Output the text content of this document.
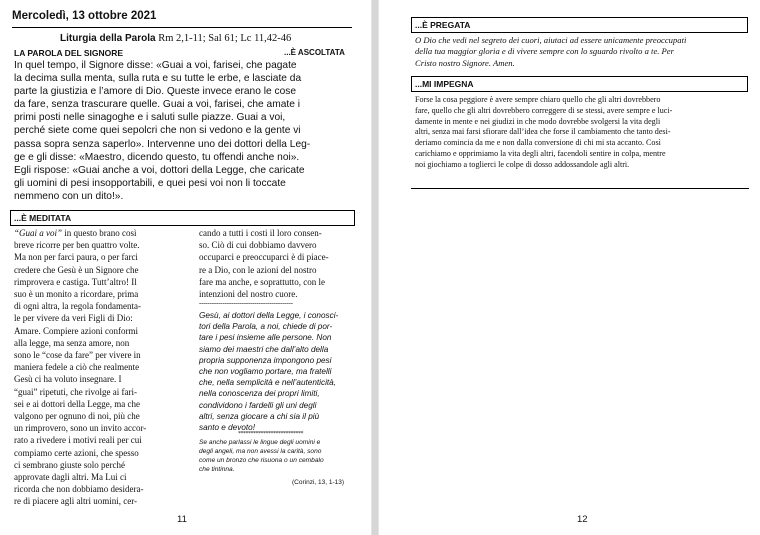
Mercoledì, 13 ottobre 2021
Liturgia della Parola Rm 2,1-11; Sal 61; Lc 11,42-46
LA PAROLA DEL SIGNORE	...È ASCOLTATA
In quel tempo, il Signore disse: «Guai a voi, farisei, che pagate
la decima sulla menta, sulla ruta e su tutte le erbe, e lasciate da
parte la giustizia e l’amore di Dio. Queste invece erano le cose
da fare, senza trascurare quelle. Guai a voi, farisei, che amate i
primi posti nelle sinagoghe e i saluti sulle piazze. Guai a voi,
perché siete come quei sepolcri che non si vedono e la gente vi
passa sopra senza saperlo». Intervenne uno dei dottori della Leg-
ge e gli disse: «Maestro, dicendo questo, tu offendi anche noi».
Egli rispose: «Guai anche a voi, dottori della Legge, che caricate
gli uomini di pesi insopportabili, e quei pesi voi non li toccate
nemmeno con un dito!».
...È MEDITATA
“Guai a voi” in questo brano così
breve ricorre per ben quattro volte.
Ma non per farci paura, o per farci
credere che Gesù è un Signore che
rimprovera e castiga. Tutt’altro! Il
suo è un monito a ricordare, prima
di ogni altra, la regola fondamenta-
le per vivere da veri Figli di Dio:
Amare. Compiere azioni conformi
alla legge, ma senza amore, non
sono le “cose da fare” per vivere in
maniera fedele a ciò che realmente
Gesù ci ha voluto insegnare. I
“guai” ripetuti, che rivolge ai fari-
sei e ai dottori della Legge, ma che
valgono per ognuno di noi, più che
un rimprovero, sono un invito accor-
rato a rivedere i motivi reali per cui
compiamo certe azioni, che spesso
ci sembrano giuste solo perché
approvate dagli altri. Ma Lui ci
ricorda che non dobbiamo desidera-
re di piacere agli altri uomini, cer-
cando a tutti i costi il loro consen-
so. Ciò di cui dobbiamo davvero
occuparci e preoccuparci è di piace-
re a Dio, con le azioni del nostro
fare ma anche, e soprattutto, con le
intenzioni del nostro cuore.
--------------------------------------------
Gesù, ai dottori della Legge, i conosci-
tori della Parola, a noi, chiede di por-
tare i pesi insieme alle persone. Non
siamo dei maestri che dall’alto della
propria supponenza impongono pesi
che non vogliamo portare, ma fratelli
che, nella semplicità e nell’autenticità,
nella conoscenza dei propri limiti,
condividono i fardelli gli uni degli
altri, senza giocare a chi sia il più
santo e devoto!
**************************
Se anche parlassi le lingue degli uomini e
degli angeli, ma non avessi la carità, sono
come un bronzo che risuona o un cembalo
che tintinna.
(Corinzi, 13, 1-13)
11
...È PREGATA
O Dio che vedi nel segreto dei cuori, aiutaci ad essere unicamente preoccupati
della tua maggior gloria e di vivere sempre con lo sguardo rivolto a te. Per
Cristo nostro Signore. Amen.
...MI IMPEGNA
Forse la cosa peggiore è avere sempre chiaro quello che gli altri dovrebbero
fare, quello che gli altri dovrebbero correggere di se stessi, avere sempre e luci-
damente in mente e nei giudizi in che modo dovrebbe svolgersi la vita degli
altri, senza mai farsi sfiorare dall’idea che forse il cambiamento che tanto desi-
deriamo comincia da me e non dalla conversione di chi mi sta accanto. Così
carichiamo e opprimiamo la vita degli altri, facendoli sentire in colpa, mentre
noi giochiamo a toglierci le colpe di dosso addossandole agli altri.
12
